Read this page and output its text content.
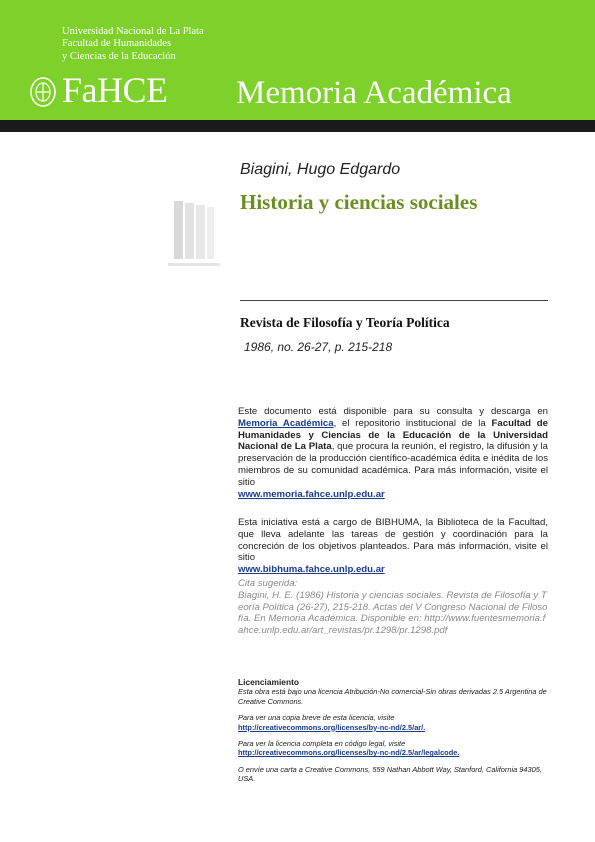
Universidad Nacional de La Plata
Facultad de Humanidades
y Ciencias de la Educación
FaHCE Memoria Académica
Biagini, Hugo Edgardo
Historia y ciencias sociales
Revista de Filosofía y Teoría Política
1986, no. 26-27, p. 215-218
Este documento está disponible para su consulta y descarga en Memoria Académica, el repositorio institucional de la Facultad de Humanidades y Ciencias de la Educación de la Universidad Nacional de La Plata, que procura la reunión, el registro, la difusión y la preservación de la producción científico-académica édita e inédita de los miembros de su comunidad académica. Para más información, visite el sitio
www.memoria.fahce.unlp.edu.ar
Esta iniciativa está a cargo de BIBHUMA, la Biblioteca de la Facultad, que lleva adelante las tareas de gestión y coordinación para la concreción de los objetivos planteados. Para más información, visite el sitio
www.bibhuma.fahce.unlp.edu.ar
Cita sugerida:
Biagini, H. E. (1986) Historia y ciencias sociales. Revista de Filosofía y Teoría Política (26-27), 215-218. Actas del V Congreso Nacional de Filosofía. En Memoria Académica. Disponible en: http://www.fuentesmemoria.fahce.unlp.edu.ar/art_revistas/pr.1298/pr.1298.pdf
Licenciamiento
Esta obra está bajo una licencia Atribución-No comercial-Sin obras derivadas 2.5 Argentina de Creative Commons.
Para ver una copia breve de esta licencia, visite
http://creativecommons.org/licenses/by-nc-nd/2.5/ar/.
Para ver la licencia completa en código legal, visite
http://creativecommons.org/licenses/by-nc-nd/2.5/ar/legalcode.
O envíe una carta a Creative Commons, 559 Nathan Abbott Way, Stanford, California 94305, USA.
